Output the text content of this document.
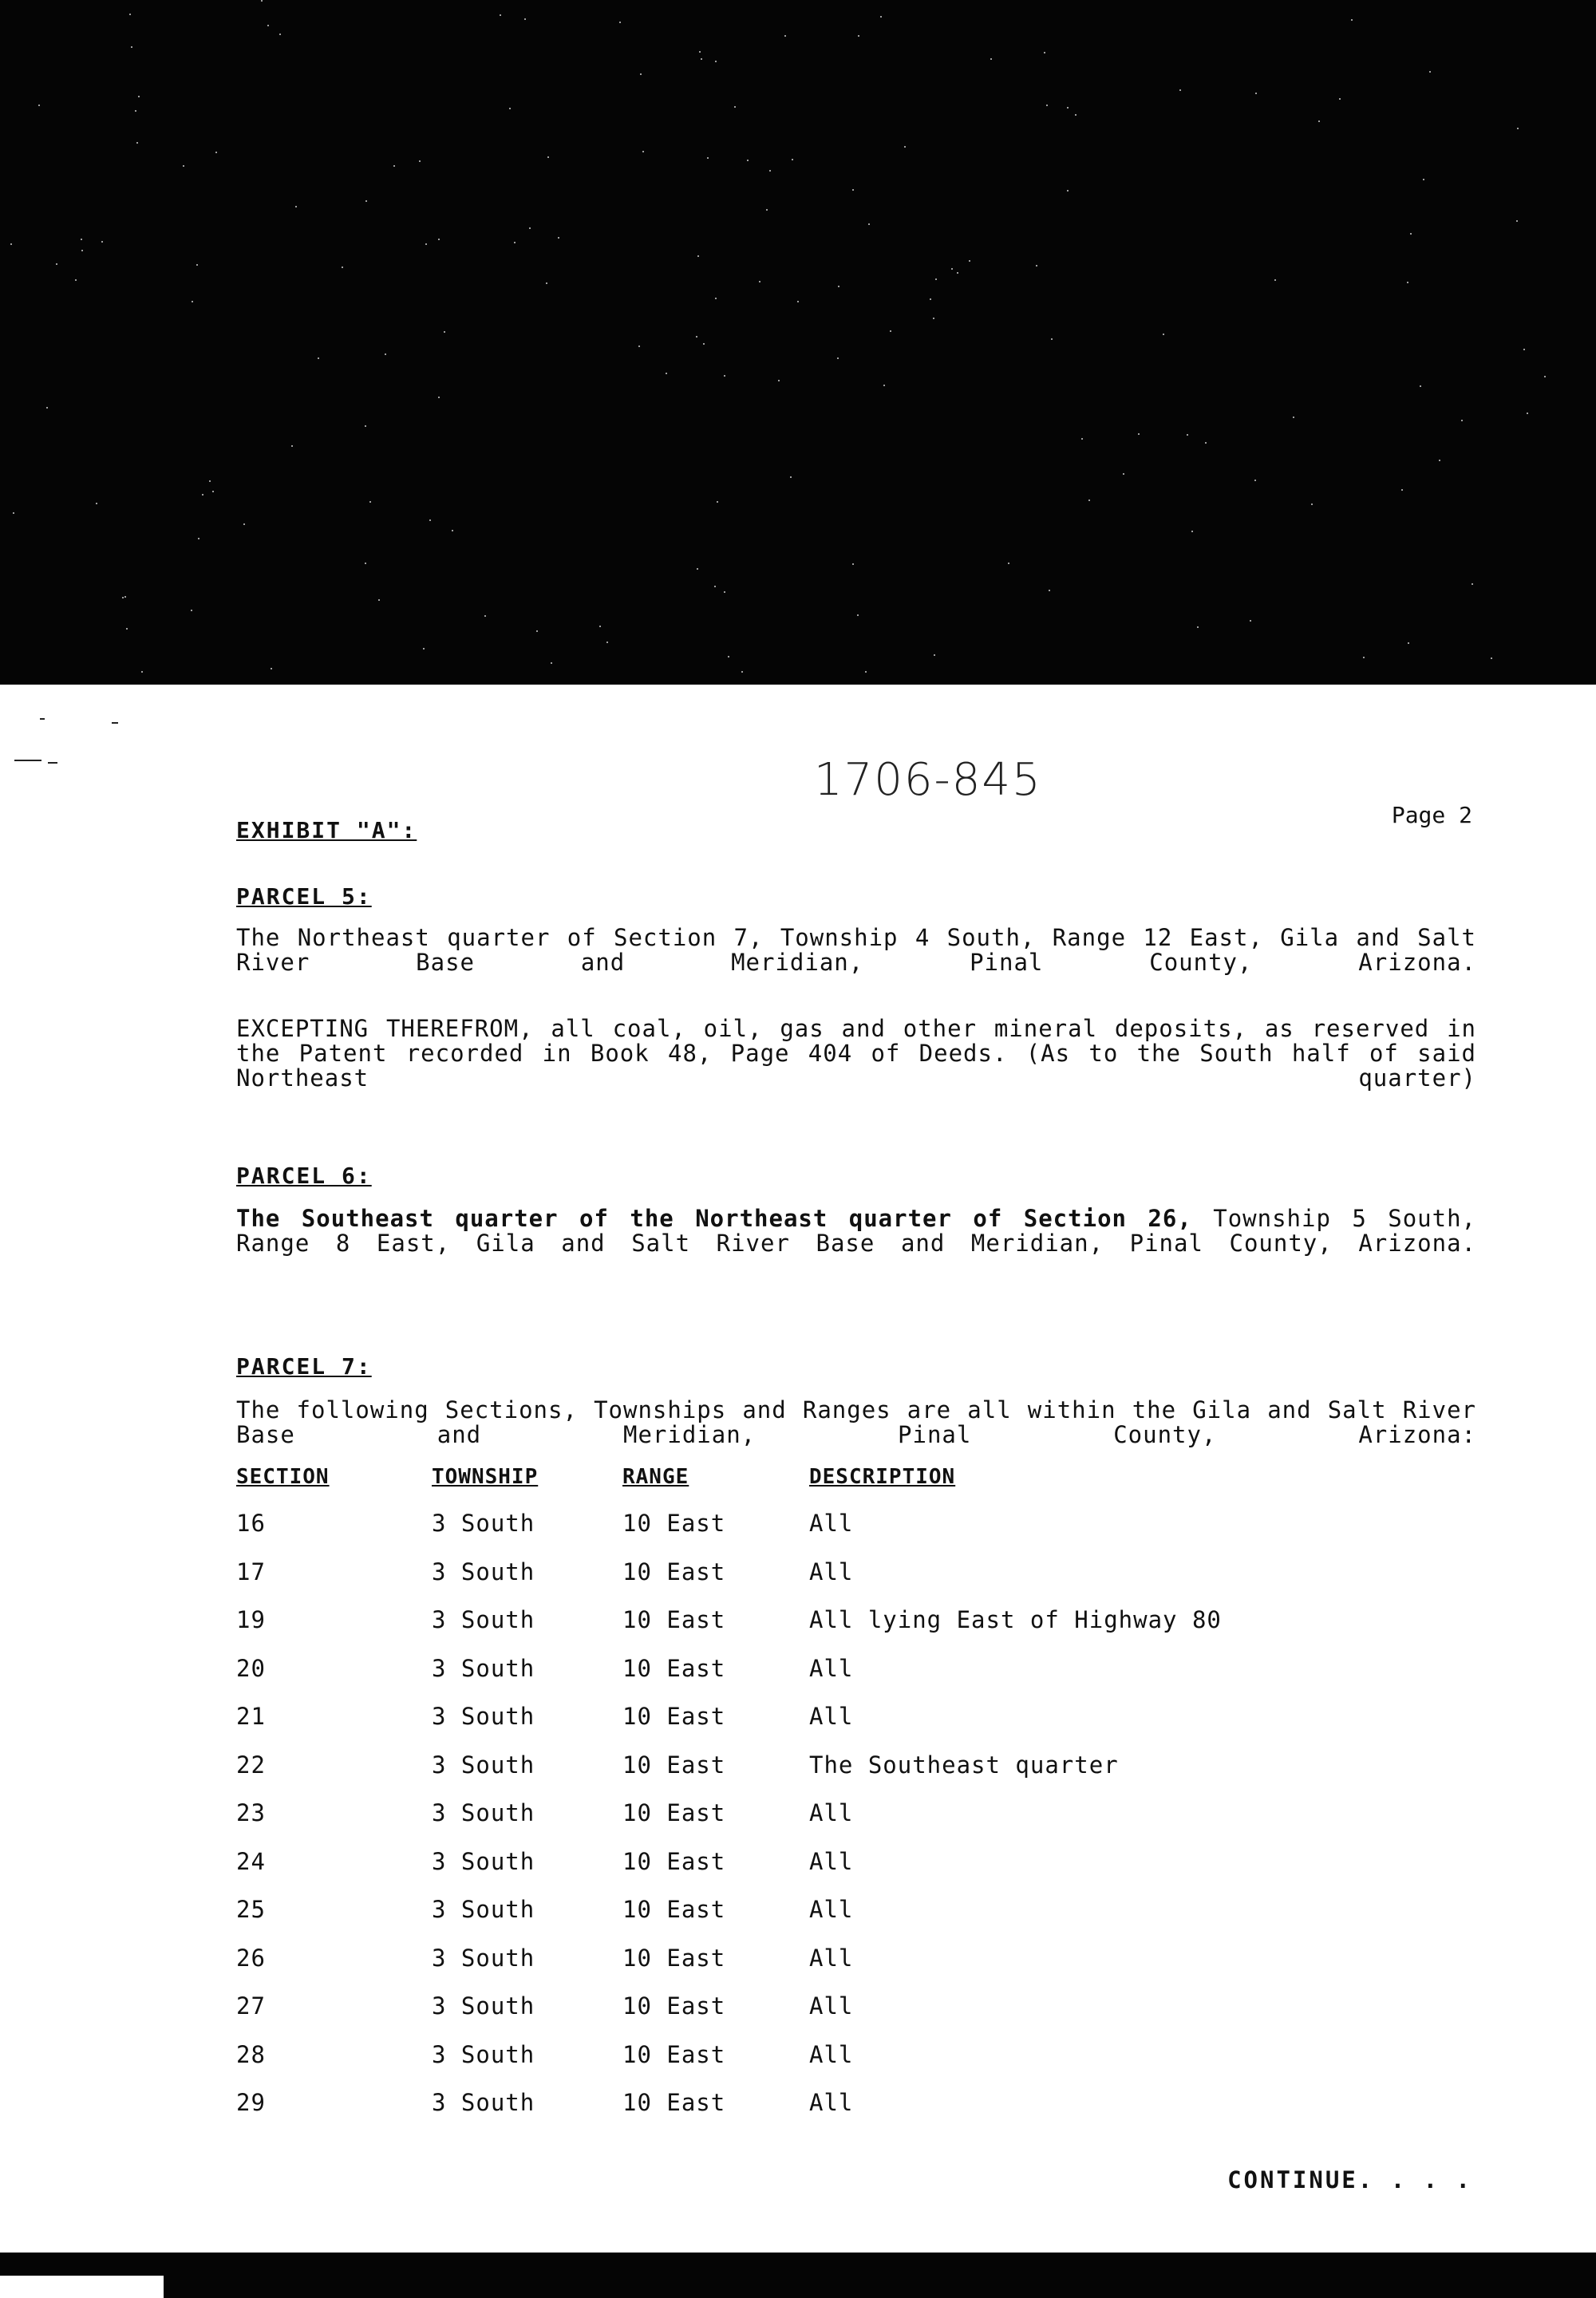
1706-845
Page 2
EXHIBIT "A":
PARCEL 5:
The Northeast quarter of Section 7, Township 4 South, Range 12 East, Gila and Salt River Base and Meridian, Pinal County, Arizona.
EXCEPTING THEREFROM, all coal, oil, gas and other mineral deposits, as reserved in the Patent recorded in Book 48, Page 404 of Deeds. (As to the South half of said Northeast quarter)
PARCEL 6:
The Southeast quarter of the Northeast quarter of Section 26, Township 5 South, Range 8 East, Gila and Salt River Base and Meridian, Pinal County, Arizona.
PARCEL 7:
The following Sections, Townships and Ranges are all within the Gila and Salt River Base and Meridian, Pinal County, Arizona:
SECTION	TOWNSHIP	RANGE	DESCRIPTION
16	3 South	10 East	All
17	3 South	10 East	All
19	3 South	10 East	All lying East of Highway 80
20	3 South	10 East	All
21	3 South	10 East	All
22	3 South	10 East	The Southeast quarter
23	3 South	10 East	All
24	3 South	10 East	All
25	3 South	10 East	All
26	3 South	10 East	All
27	3 South	10 East	All
28	3 South	10 East	All
29	3 South	10 East	All
CONTINUE. . . .
